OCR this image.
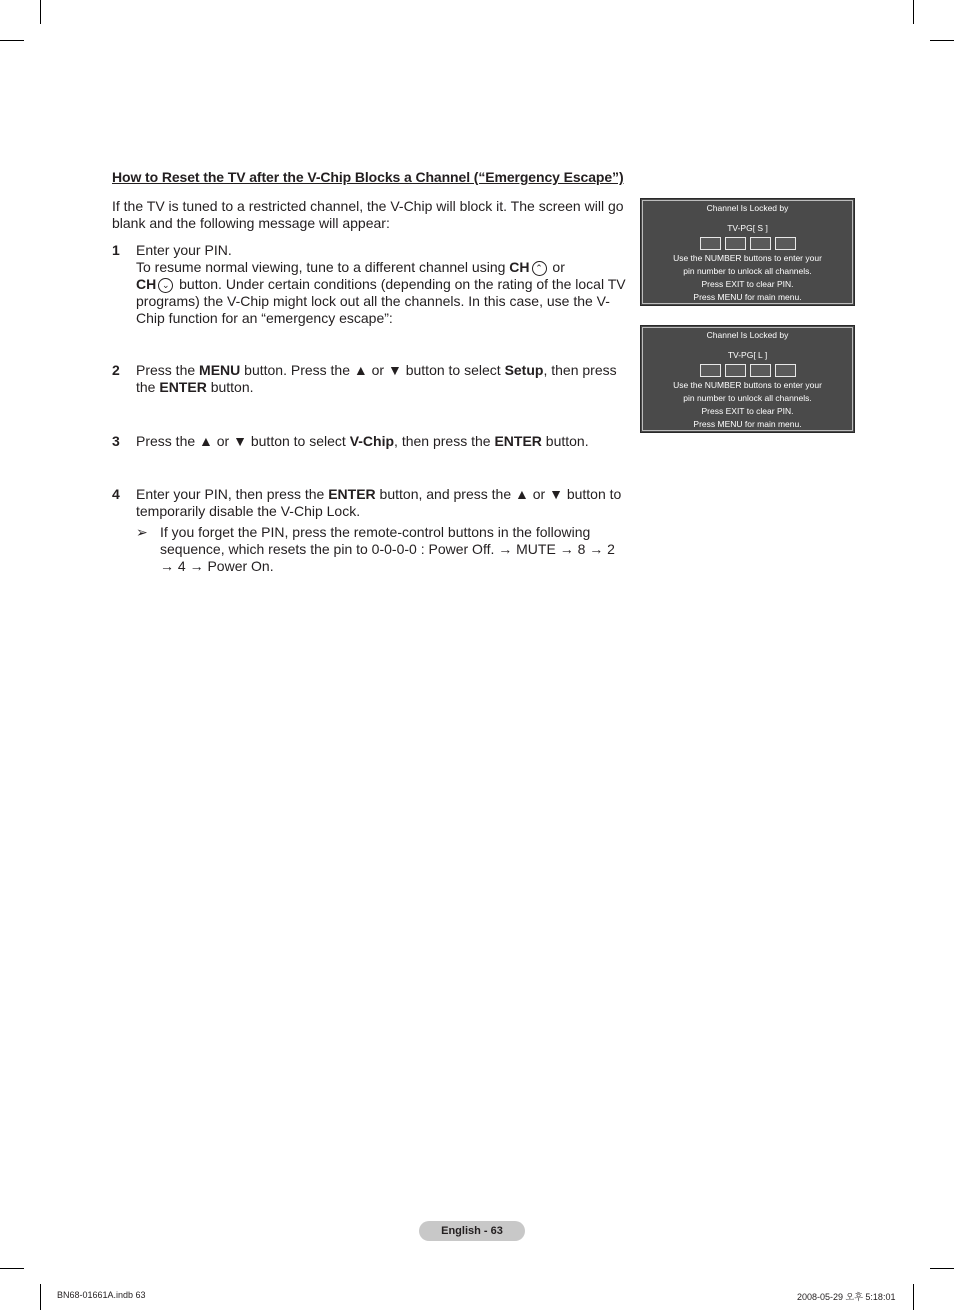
How to Reset the TV after the V-Chip Blocks a Channel (“Emergency Escape”)
If the TV is tuned to a restricted channel, the V-Chip will block it. The screen will go blank and the following message will appear:
1	Enter your PIN.
To resume normal viewing, tune to a different channel using CH ⌃ or
CH ⌄ button. Under certain conditions (depending on the rating of the local TV programs) the V-Chip might lock out all the channels. In this case, use the V-Chip function for an “emergency escape”:
2	Press the MENU button. Press the ▲ or ▼ button to select Setup, then press the ENTER button.
3	Press the ▲ or ▼ button to select V-Chip, then press the ENTER button.
4	Enter your PIN, then press the ENTER button, and press the ▲ or ▼ button to temporarily disable the V-Chip Lock.
➢ If you forget the PIN, press the remote-control buttons in the following sequence, which resets the pin to 0-0-0-0 : Power Off. → MUTE → 8 → 2 → 4 → Power On.
Channel Is Locked by
TV-PG[ S ]
Use the NUMBER buttons to enter your
pin number to unlock all channels.
Press EXIT to clear PIN.
Press MENU for main menu.
Channel Is Locked by
TV-PG[ L ]
Use the NUMBER buttons to enter your
pin number to unlock all channels.
Press EXIT to clear PIN.
Press MENU for main menu.
English - 63
BN68-01661A.indb 63	2008-05-29 오후 5:18:01
